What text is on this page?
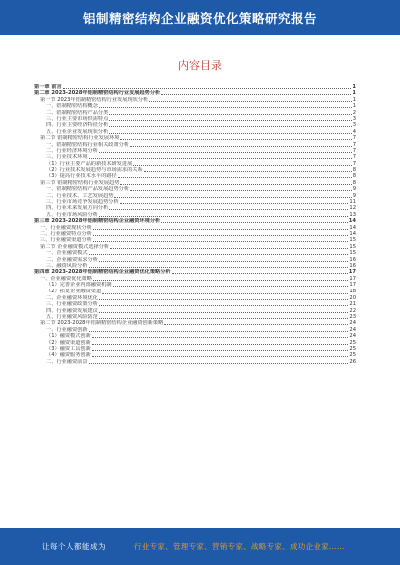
铝制精密结构企业融资优化策略研究报告
内容目录
第一章 前言	1
第二章 2023-2028年铝制精密结构行业发展趋势分析	1
第一节 2023年铝制精密结构行业发展现状分析	1
一、铝制精密结构概念	1
二、铝制精密结构产品分类	2
三、行业主要市场供需特点	3
四、行业主要经济特征分析	3
五、行业企业发展现状分析	4
第二节 铝制精密结构行业发展环境	7
一、铝制精密结构行业相关政策分析	7
二、行业经济环境分析	7
三、行业技术环境	7
（1）行业主要产品的新技术研发进展	7
（2）行业技术发展趋势与市场需求的关系	8
（3）提高行业技术水平的路径	8
第三节 铝制精密结构行业发展趋势	8
一、铝制精密结构产品发展趋势分析	9
二、行业技术、工艺发展趋势	9
三、行业市场竞争发展趋势分析	11
四、行业未来发展方向分析	12
五、行业市场风险分析	13
第三章 2023-2028年铝制精密结构企业融资环境分析	14
一、行业融资现状分析	14
二、行业融资特点分析	14
三、行业融资渠道分析	15
第二节 企业融资模式选择分析	15
一、企业融资模式	15
二、企业融资需求分析	16
三、融资风险分析	16
第四章 2023-2028年铝制精密结构企业融资优化策略分析	17
一、企业融资优化策略	17
（1）完善企业内部融资机制	17
（2）拓宽企业融资渠道	18
二、企业融资环境优化	20
三、行业融资政策分析	21
四、行业融资发展建议	22
五、行业融资风险防范	23
第二节 2023-2028年铝制精密结构企业融资创新策略	24
一、行业融资创新	24
（1）融资模式创新	24
（2）融资渠道创新	25
（3）融资工具创新	25
（4）融资服务创新	25
二、行业融资前景	26
让每个人都能成为	行业专家、管理专家、营销专家、战略专家、成功企业家……
